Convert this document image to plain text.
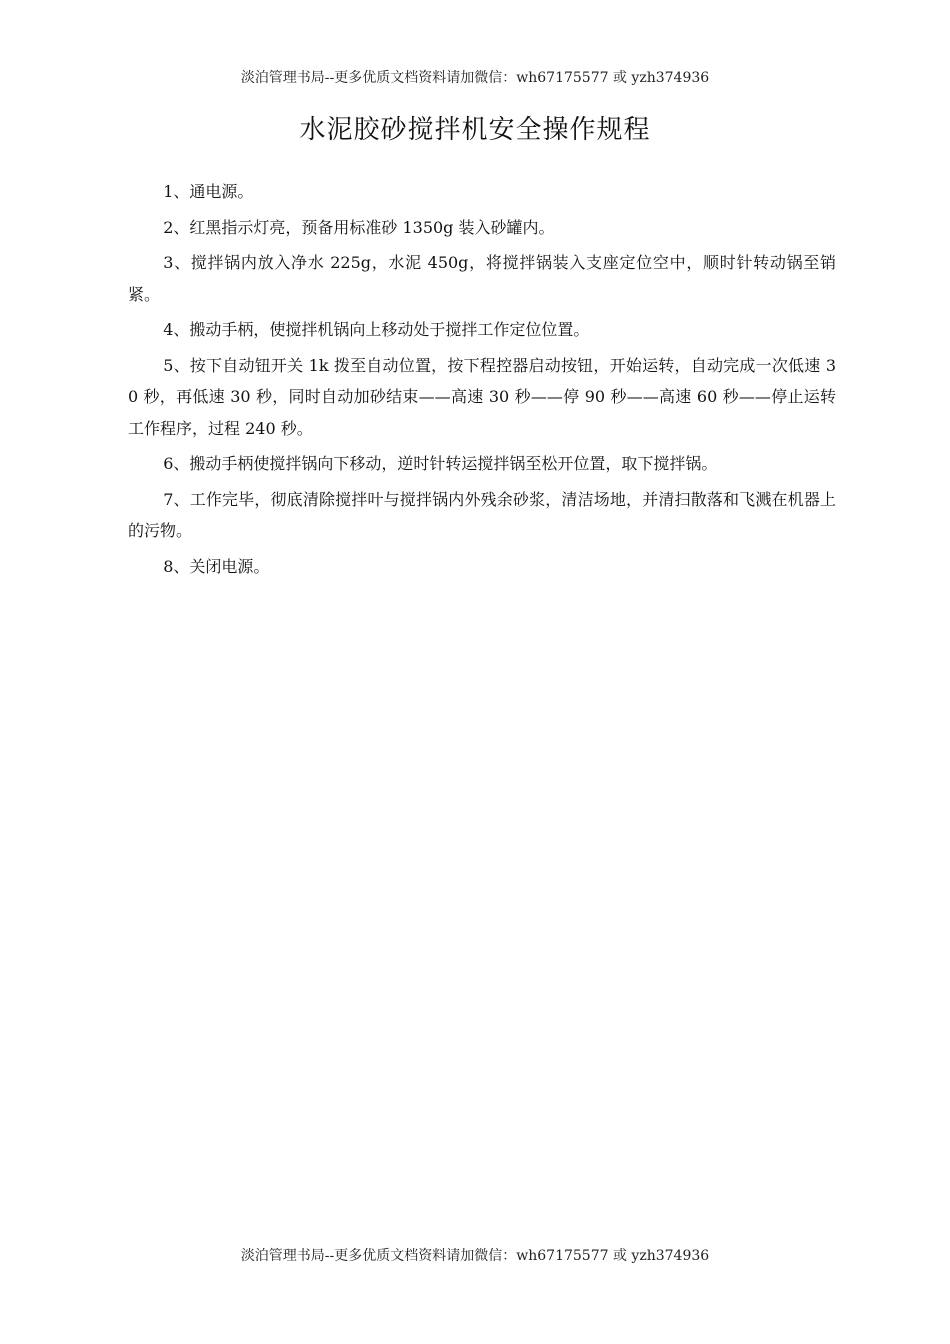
淡泊管理书局--更多优质文档资料请加微信：wh67175577 或 yzh374936
水泥胶砂搅拌机安全操作规程

1、通电源。

2、红黑指示灯亮，预备用标准砂 1350g 装入砂罐内。

3、搅拌锅内放入净水 225g，水泥 450g，将搅拌锅装入支座定位空中，顺时针转动锅至销紧。

4、搬动手柄，使搅拌机锅向上移动处于搅拌工作定位位置。

5、按下自动钮开关 1k 拨至自动位置，按下程控器启动按钮，开始运转，自动完成一次低速 30 秒，再低速 30 秒，同时自动加砂结束——高速 30 秒——停 90 秒——高速 60 秒——停止运转工作程序，过程 240 秒。

6、搬动手柄使搅拌锅向下移动，逆时针转运搅拌锅至松开位置，取下搅拌锅。

7、工作完毕，彻底清除搅拌叶与搅拌锅内外残余砂浆，清洁场地，并清扫散落和飞溅在机器上的污物。

8、关闭电源。

淡泊管理书局--更多优质文档资料请加微信：wh67175577 或 yzh374936
